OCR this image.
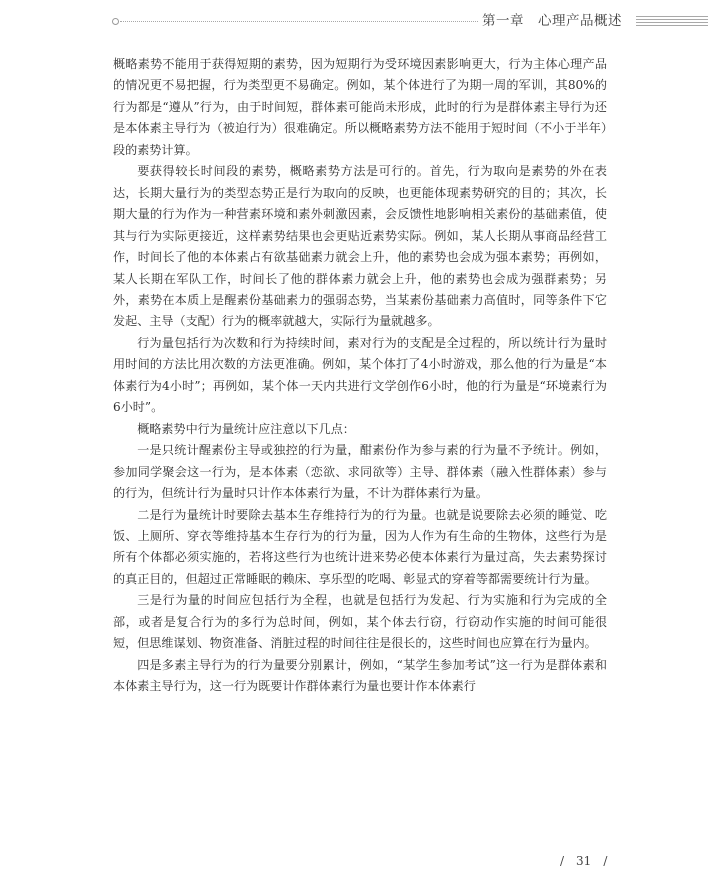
第一章　心理产品概述

概略素势不能用于获得短期的素势，因为短期行为受环境因素影响更大，行为主体心理产品的情况更不易把握，行为类型更不易确定。例如，某个体进行了为期一周的军训，其80%的行为都是“遵从”行为，由于时间短，群体素可能尚未形成，此时的行为是群体素主导行为还是本体素主导行为（被迫行为）很难确定。所以概略素势方法不能用于短时间（不小于半年）段的素势计算。

要获得较长时间段的素势，概略素势方法是可行的。首先，行为取向是素势的外在表达，长期大量行为的类型态势正是行为取向的反映，也更能体现素势研究的目的；其次，长期大量的行为作为一种营素环境和素外刺激因素，会反馈性地影响相关素份的基础素值，使其与行为实际更接近，这样素势结果也会更贴近素势实际。例如，某人长期从事商品经营工作，时间长了他的本体素占有欲基础素力就会上升，他的素势也会成为强本素势；再例如，某人长期在军队工作，时间长了他的群体素力就会上升，他的素势也会成为强群素势；另外，素势在本质上是醒素份基础素力的强弱态势，当某素份基础素力高值时，同等条件下它发起、主导（支配）行为的概率就越大，实际行为量就越多。

行为量包括行为次数和行为持续时间，素对行为的支配是全过程的，所以统计行为量时用时间的方法比用次数的方法更准确。例如，某个体打了4小时游戏，那么他的行为量是“本体素行为4小时”；再例如，某个体一天内共进行文学创作6小时，他的行为量是“环境素行为6小时”。

概略素势中行为量统计应注意以下几点：

一是只统计醒素份主导或独控的行为量，酣素份作为参与素的行为量不予统计。例如，参加同学聚会这一行为，是本体素（恋欲、求同欲等）主导、群体素（融入性群体素）参与的行为，但统计行为量时只计作本体素行为量，不计为群体素行为量。

二是行为量统计时要除去基本生存维持行为的行为量。也就是说要除去必须的睡觉、吃饭、上厕所、穿衣等维持基本生存行为的行为量，因为人作为有生命的生物体，这些行为是所有个体都必须实施的，若将这些行为也统计进来势必使本体素行为量过高，失去素势探讨的真正目的，但超过正常睡眠的赖床、享乐型的吃喝、彰显式的穿着等都需要统计行为量。

三是行为量的时间应包括行为全程，也就是包括行为发起、行为实施和行为完成的全部，或者是复合行为的多行为总时间，例如，某个体去行窃，行窃动作实施的时间可能很短，但思维谋划、物资准备、消脏过程的时间往往是很长的，这些时间也应算在行为量内。

四是多素主导行为的行为量要分别累计，例如，“某学生参加考试”这一行为是群体素和本体素主导行为，这一行为既要计作群体素行为量也要计作本体素行

/　31　/
